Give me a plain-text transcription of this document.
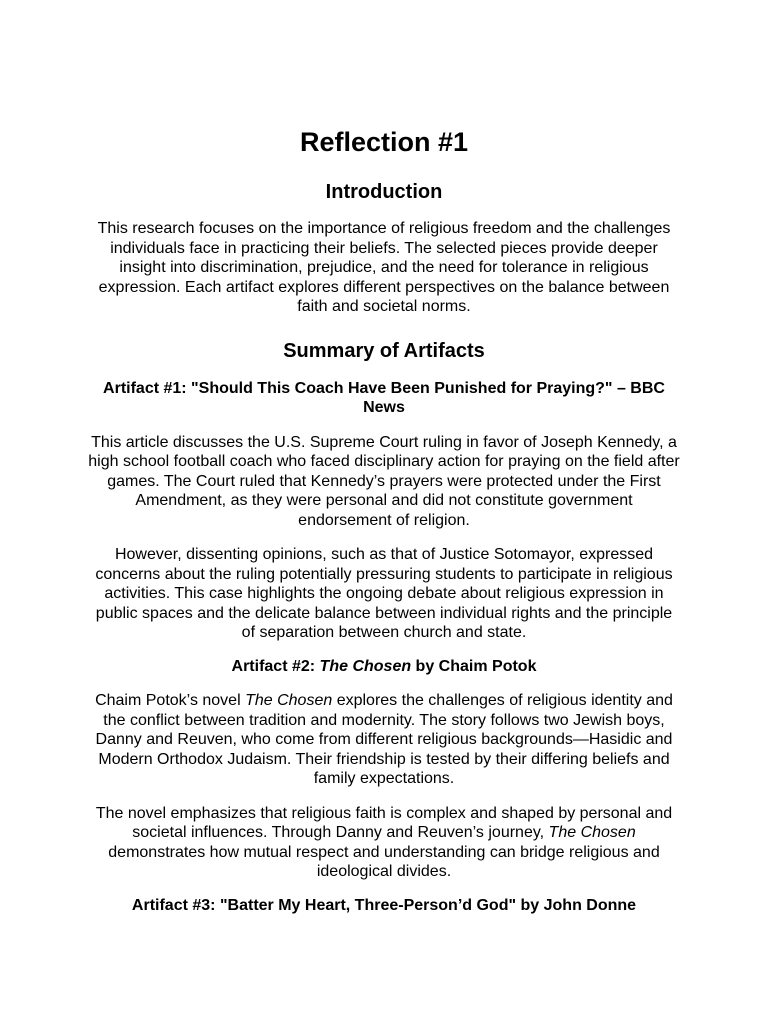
Reflection #1
Introduction

This research focuses on the importance of religious freedom and the challenges individuals face in practicing their beliefs. The selected pieces provide deeper insight into discrimination, prejudice, and the need for tolerance in religious expression. Each artifact explores different perspectives on the balance between faith and societal norms.

Summary of Artifacts

Artifact #1: "Should This Coach Have Been Punished for Praying?" – BBC News

This article discusses the U.S. Supreme Court ruling in favor of Joseph Kennedy, a high school football coach who faced disciplinary action for praying on the field after games. The Court ruled that Kennedy’s prayers were protected under the First Amendment, as they were personal and did not constitute government endorsement of religion.

However, dissenting opinions, such as that of Justice Sotomayor, expressed concerns about the ruling potentially pressuring students to participate in religious activities. This case highlights the ongoing debate about religious expression in public spaces and the delicate balance between individual rights and the principle of separation between church and state.

Artifact #2: The Chosen by Chaim Potok

Chaim Potok’s novel The Chosen explores the challenges of religious identity and the conflict between tradition and modernity. The story follows two Jewish boys, Danny and Reuven, who come from different religious backgrounds—Hasidic and Modern Orthodox Judaism. Their friendship is tested by their differing beliefs and family expectations.

The novel emphasizes that religious faith is complex and shaped by personal and societal influences. Through Danny and Reuven’s journey, The Chosen demonstrates how mutual respect and understanding can bridge religious and ideological divides.

Artifact #3: "Batter My Heart, Three-Person’d God" by John Donne
